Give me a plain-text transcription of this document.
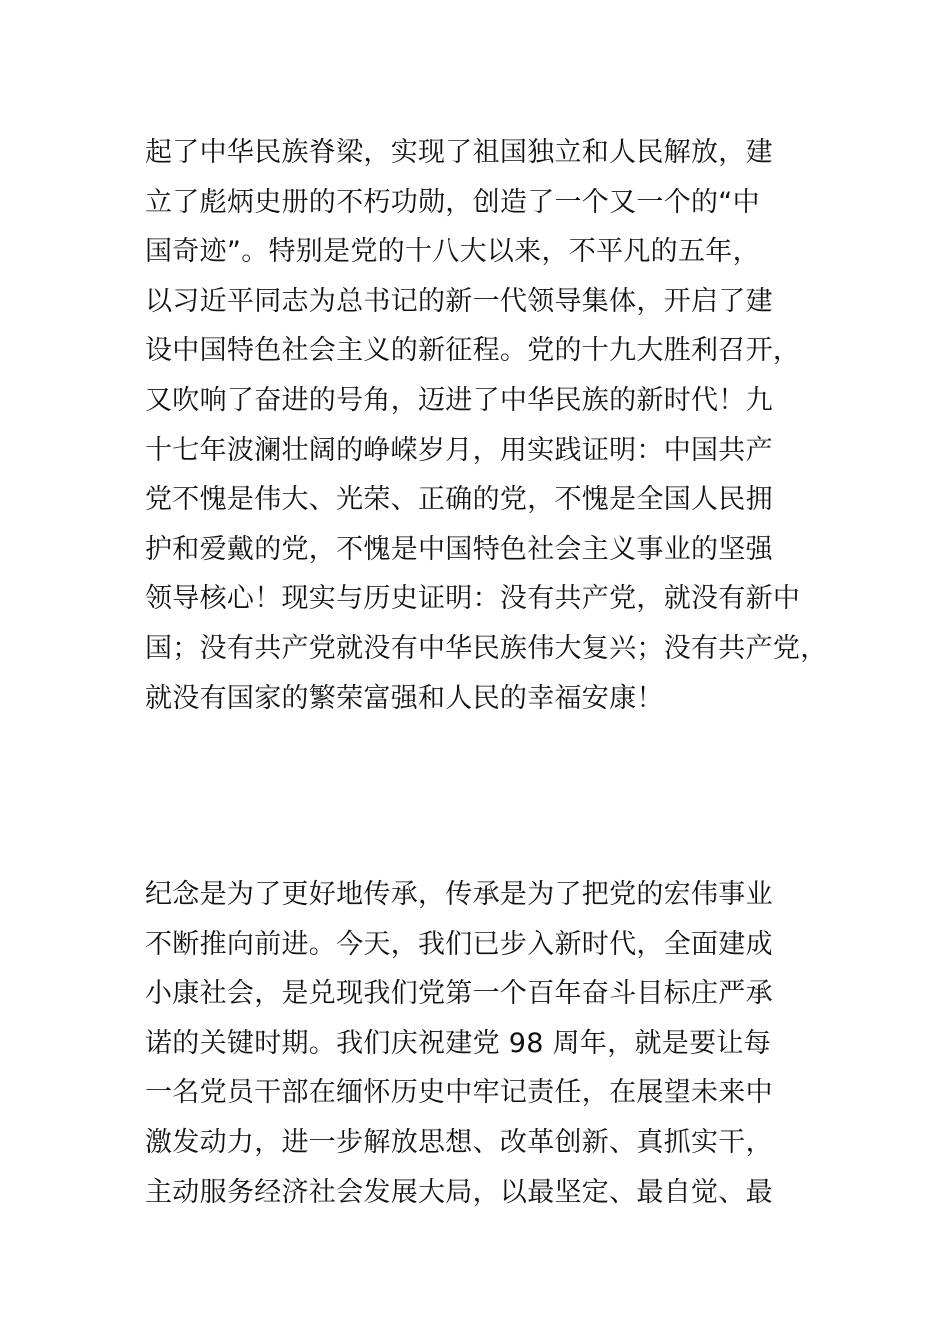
起了中华民族脊梁，实现了祖国独立和人民解放，建
立了彪炳史册的不朽功勋，创造了一个又一个的“中
国奇迹”。特别是党的十八大以来，不平凡的五年，
以习近平同志为总书记的新一代领导集体，开启了建
设中国特色社会主义的新征程。党的十九大胜利召开，
又吹响了奋进的号角，迈进了中华民族的新时代！九
十七年波澜壮阔的峥嵘岁月，用实践证明：中国共产
党不愧是伟大、光荣、正确的党，不愧是全国人民拥
护和爱戴的党，不愧是中国特色社会主义事业的坚强
领导核心！现实与历史证明：没有共产党，就没有新中
国；没有共产党就没有中华民族伟大复兴；没有共产党，
就没有国家的繁荣富强和人民的幸福安康！
纪念是为了更好地传承，传承是为了把党的宏伟事业
不断推向前进。今天，我们已步入新时代，全面建成
小康社会，是兑现我们党第一个百年奋斗目标庄严承
诺的关键时期。我们庆祝建党 98 周年，就是要让每
一名党员干部在缅怀历史中牢记责任，在展望未来中
激发动力，进一步解放思想、改革创新、真抓实干，
主动服务经济社会发展大局，以最坚定、最自觉、最
